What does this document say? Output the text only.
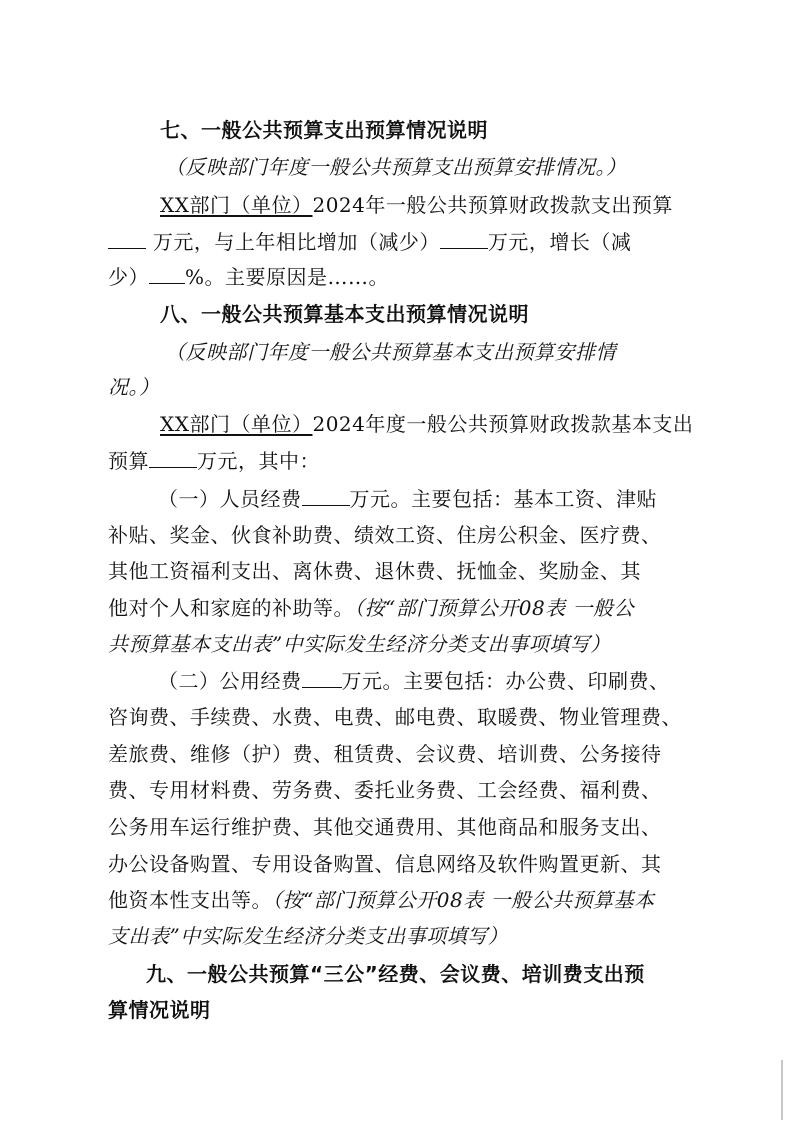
七、一般公共预算支出预算情况说明
（反映部门年度一般公共预算支出预算安排情况。）
XX部门（单位）2024年一般公共预算财政拨款支出预算
万元，与上年相比增加（减少） 万元，增长（减
少） %。主要原因是……。
八、一般公共预算基本支出预算情况说明
（反映部门年度一般公共预算基本支出预算安排情
况。）
XX部门（单位）2024年度一般公共预算财政拨款基本支出
预算 万元，其中：
（一）人员经费 万元。主要包括：基本工资、津贴
补贴、奖金、伙食补助费、绩效工资、住房公积金、医疗费、
其他工资福利支出、离休费、退休费、抚恤金、奖励金、其
他对个人和家庭的补助等。（按“部门预算公开08表 一般公
共预算基本支出表”中实际发生经济分类支出事项填写）
（二）公用经费 万元。主要包括：办公费、印刷费、
咨询费、手续费、水费、电费、邮电费、取暖费、物业管理费、
差旅费、维修（护）费、租赁费、会议费、培训费、公务接待
费、专用材料费、劳务费、委托业务费、工会经费、福利费、
公务用车运行维护费、其他交通费用、其他商品和服务支出、
办公设备购置、专用设备购置、信息网络及软件购置更新、其
他资本性支出等。（按“部门预算公开08表 一般公共预算基本
支出表”中实际发生经济分类支出事项填写）
九、一般公共预算“三公”经费、会议费、培训费支出预
算情况说明
